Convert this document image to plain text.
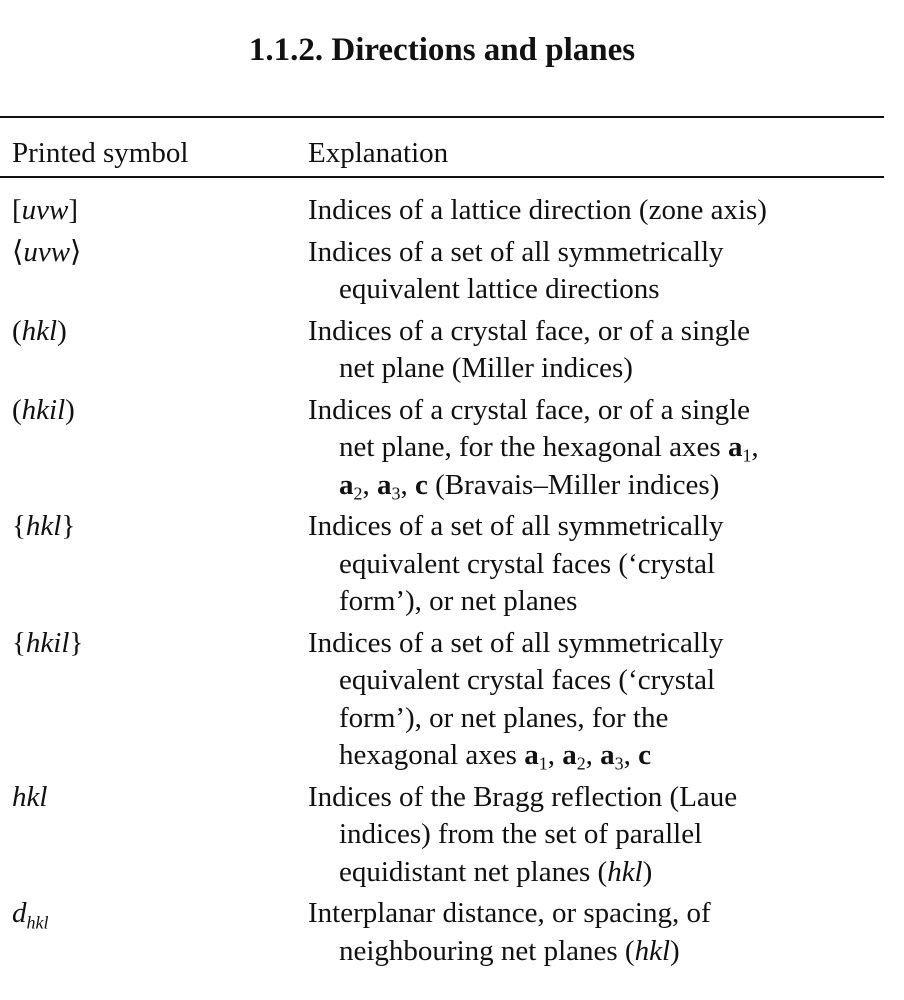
1.1.2. Directions and planes
Printed symbol	Explanation
[uvw]	Indices of a lattice direction (zone axis)
⟨uvw⟩	Indices of a set of all symmetrically
equivalent lattice directions
(hkl)	Indices of a crystal face, or of a single
net plane (Miller indices)
(hkil)	Indices of a crystal face, or of a single
net plane, for the hexagonal axes $a_1$,
$a_2$, $a_3$, c (Bravais–Miller indices)
{hkl}	Indices of a set of all symmetrically
equivalent crystal faces (‘crystal
form’), or net planes
{hkil}	Indices of a set of all symmetrically
equivalent crystal faces (‘crystal
form’), or net planes, for the
hexagonal axes $a_1$, $a_2$, $a_3$, c
hkl	Indices of the Bragg reflection (Laue
indices) from the set of parallel
equidistant net planes (hkl)
$d_{hkl}$	Interplanar distance, or spacing, of
neighbouring net planes (hkl)
